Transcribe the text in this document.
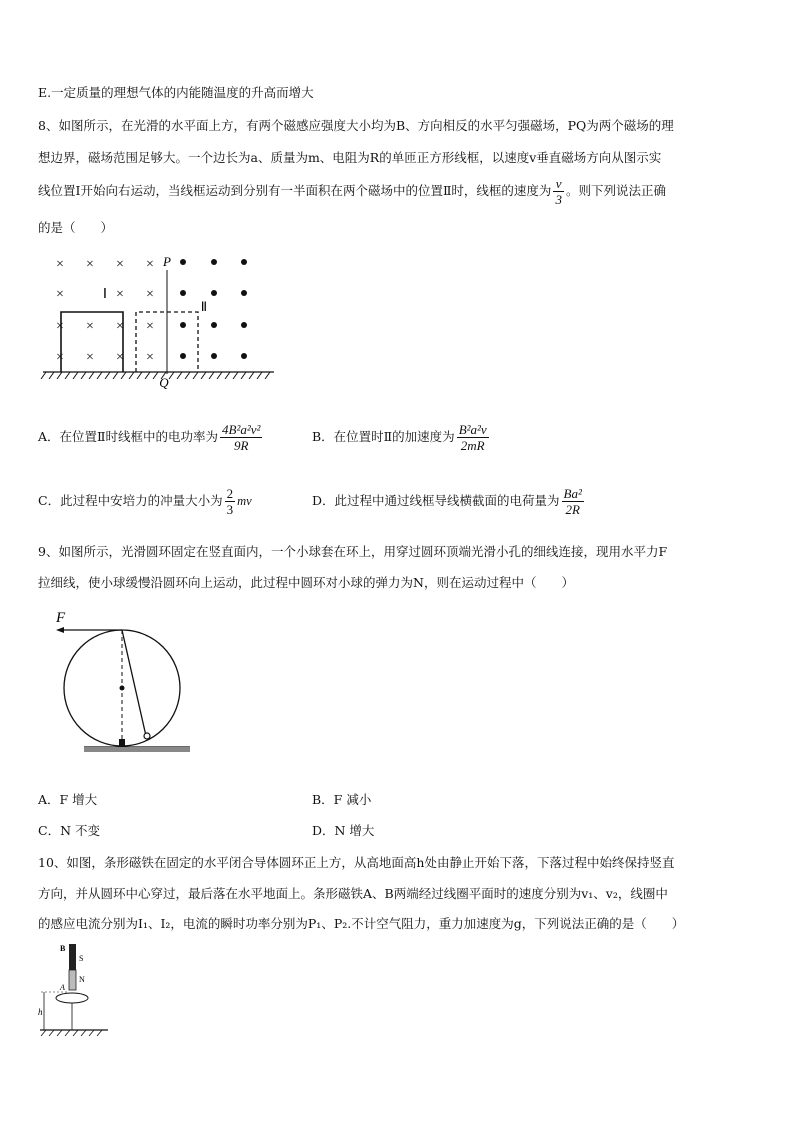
E.一定质量的理想气体的内能随温度的升高而增大
8、如图所示，在光滑的水平面上方，有两个磁感应强度大小均为B、方向相反的水平匀强磁场，PQ为两个磁场的理
想边界，磁场范围足够大。一个边长为a、质量为m、电阻为R的单匝正方形线框，以速度v垂直磁场方向从图示实
线位置Ⅰ开始向右运动，当线框运动到分别有一半面积在两个磁场中的位置Ⅱ时，线框的速度为 $\frac{v}{3}$ 。则下列说法正确
的是（　　）
× × × ×
×	× ×
× × × ×
× × × ×
Ⅰ
P
Ⅱ
Q
A．在位置Ⅱ时线框中的电功率为 $\frac{\text{4B²a²v²}}{9R}$	B．在位置时Ⅱ的加速度为 $\frac{\text{B²a²v}}{2mR}$
C．此过程中安培力的冲量大小为 $\frac{2}{3}$ mv	D．此过程中通过线框导线横截面的电荷量为 $\frac{\text{Ba²}}{2R}$
9、如图所示，光滑圆环固定在竖直面内，一个小球套在环上，用穿过圆环顶端光滑小孔的细线连接，现用水平力F
拉细线，使小球缓慢沿圆环向上运动，此过程中圆环对小球的弹力为N，则在运动过程中（　　）
F
A．F 增大	B．F 减小
C．N 不变	D．N 增大
10、如图，条形磁铁在固定的水平闭合导体圆环正上方，从高地面高h处由静止开始下落，下落过程中始终保持竖直
方向，并从圆环中心穿过，最后落在水平地面上。条形磁铁A、B两端经过线圈平面时的速度分别为v₁、v₂，线圈中
的感应电流分别为I₁、I₂，电流的瞬时功率分别为P₁、P₂.不计空气阻力，重力加速度为g，下列说法正确的是（　　）
B
S
N
A
h
